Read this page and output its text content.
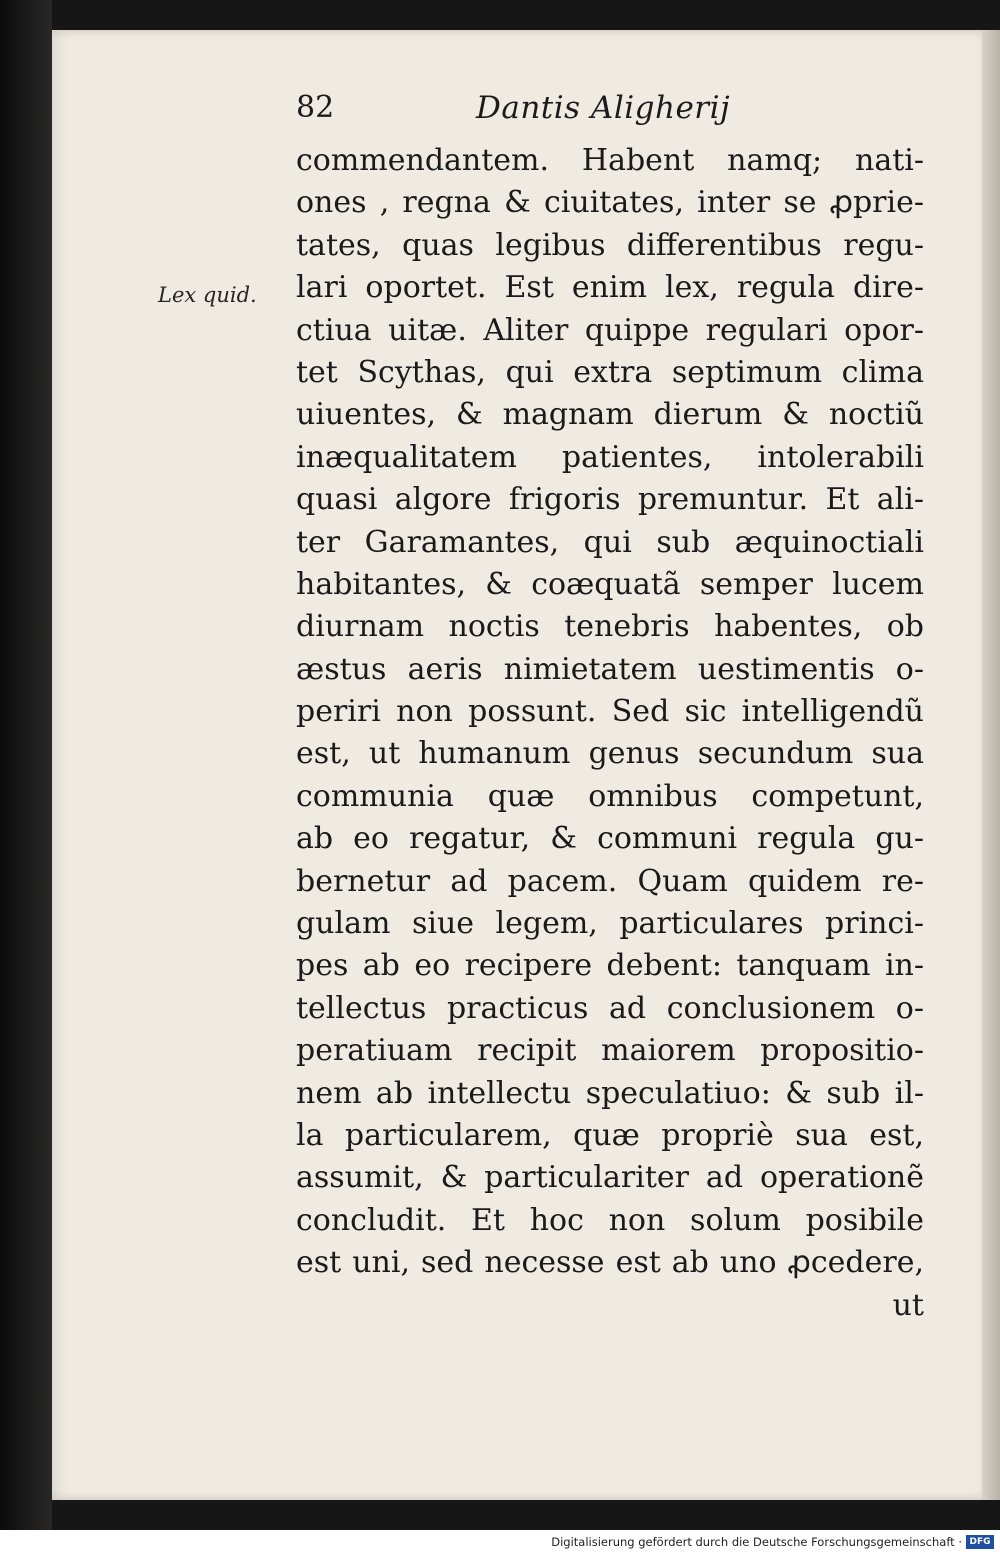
82	Dantis Aligherij
Lex quid.
commendantem. Habent namq; nati-
ones , regna & ciuitates, inter se ꝓprie-
tates, quas legibus differentibus regu-
lari oportet. Est enim lex, regula dire-
ctiua uitæ. Aliter quippe regulari opor-
tet Scythas, qui extra septimum clima
uiuentes, & magnam dierum & noctiũ
inæqualitatem patientes, intolerabili
quasi algore frigoris premuntur. Et ali-
ter Garamantes, qui sub æquinoctiali
habitantes, & coæquatã semper lucem
diurnam noctis tenebris habentes, ob
æstus aeris nimietatem uestimentis o-
periri non possunt. Sed sic intelligendũ
est, ut humanum genus secundum sua
communia quæ omnibus competunt,
ab eo regatur, & communi regula gu-
bernetur ad pacem. Quam quidem re-
gulam siue legem, particulares princi-
pes ab eo recipere debent: tanquam in-
tellectus practicus ad conclusionem o-
peratiuam recipit maiorem propositio-
nem ab intellectu speculatiuo: & sub il-
la particularem, quæ propriè sua est,
assumit, & particulariter ad operationẽ
concludit. Et hoc non solum posibile
est uni, sed necesse est ab uno ꝓcedere,
ut
Digitalisierung gefördert durch die Deutsche Forschungsgemeinschaft · DFG
